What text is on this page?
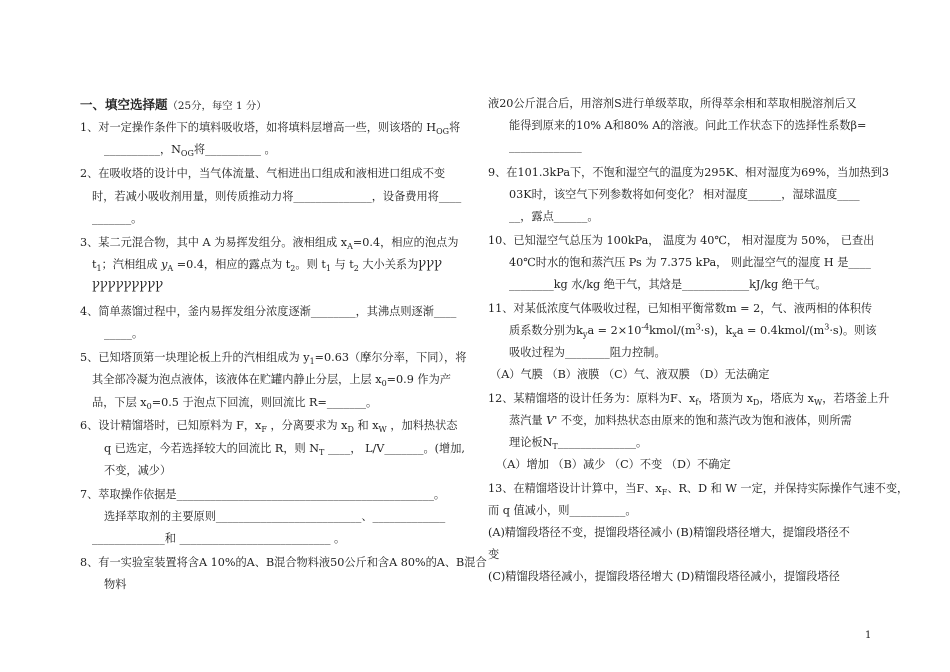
一、填空选择题（25分，每空 1 分）

1、对一定操作条件下的填料吸收塔，如将填料层增高一些，则该塔的 $H_{OG}$将

__________，$N_{OG}$将__________ 。

2、在吸收塔的设计中，当气体流量、气相进出口组成和液相进口组成不变

时，若减小吸收剂用量，则传质推动力将______________，设备费用将____

_______。

3、某二元混合物，其中 A 为易挥发组分。液相组成 $x_A=0.4$，相应的泡点为

$t_1$；汽相组成 $y_A =0.4$，相应的露点为 $t_2$。则 $t_1$ 与 $t_2$ 大小关系为ꝨꝨꝨ

ꝨꝨꝨꝨꝨꝨꝨꝨꝨ

4、简单蒸馏过程中，釜内易挥发组分浓度逐渐________，其沸点则逐渐____

_____。

5、已知塔顶第一块理论板上升的汽相组成为 $y_1=0.63$（摩尔分率，下同），将

其全部冷凝为泡点液体，该液体在贮罐内静止分层，上层 $x_0=0.9$ 作为产

品，下层 $x_0=0.5$ 于泡点下回流，则回流比 R=_______。

6、设计精馏塔时，已知原料为 F，$x_F$ ，分离要求为 $x_D$ 和 $x_W$ ，加料热状态

q 已选定，今若选择较大的回流比 R，则 $N_T$ ____， L/V_______。(增加,

不变，减少）

7、萃取操作依据是______________________________________________。

选择萃取剂的主要原则__________________________、_____________

_____________和 ___________________________ 。

8、有一实验室装置将含A 10%的A、B混合物料液50公斤和含A 80%的A、B混合

物料

液20公斤混合后，用溶剂S进行单级萃取，所得萃余相和萃取相脱溶剂后又

能得到原来的10% A和80% A的溶液。问此工作状态下的选择性系数β=

_____________

9、在101.3kPa下，不饱和湿空气的温度为295K、相对湿度为69%，当加热到3

03K时，该空气下列参数将如何变化？ 相对湿度______，湿球温度____

__，露点______。

10、已知湿空气总压为 100kPa， 温度为 40℃， 相对湿度为 50%， 已查出

40℃时水的饱和蒸汽压 Ps 为 7.375 kPa， 则此湿空气的湿度 H 是____

________kg 水/kg 绝干气，其焓是____________kJ/kg 绝干气。

11、对某低浓度气体吸收过程，已知相平衡常数m = 2，气、液两相的体积传

质系数分别为$k_ya$ = $2\times 10^{-4}kmol/(m^3\cdot s)$，$k_xa$ = $0.4kmol/(m^3\cdot s)$。则该

吸收过程为________阻力控制。

（A）气膜 （B）液膜 （C）气、液双膜 （D）无法确定

12、某精馏塔的设计任务为：原料为F、$x_f$，塔顶为 $x_D$，塔底为 $x_W$，若塔釜上升

蒸汽量 V' 不变，加料热状态由原来的饱和蒸汽改为饱和液体，则所需

理论板$N_T\_\_\_\_\_\_\_\_\_\_\_\_\_\_$。

（A）增加 （B）减少 （C）不变 （D）不确定

13、在精馏塔设计计算中，当F、$x_F$、R、D 和 W 一定，并保持实际操作气速不变，

而 q 值减小，则__________。

(A)精馏段塔径不变，提馏段塔径减小 (B)精馏段塔径增大，提馏段塔径不

变

(C)精馏段塔径减小，提馏段塔径增大 (D)精馏段塔径减小，提馏段塔径

1
